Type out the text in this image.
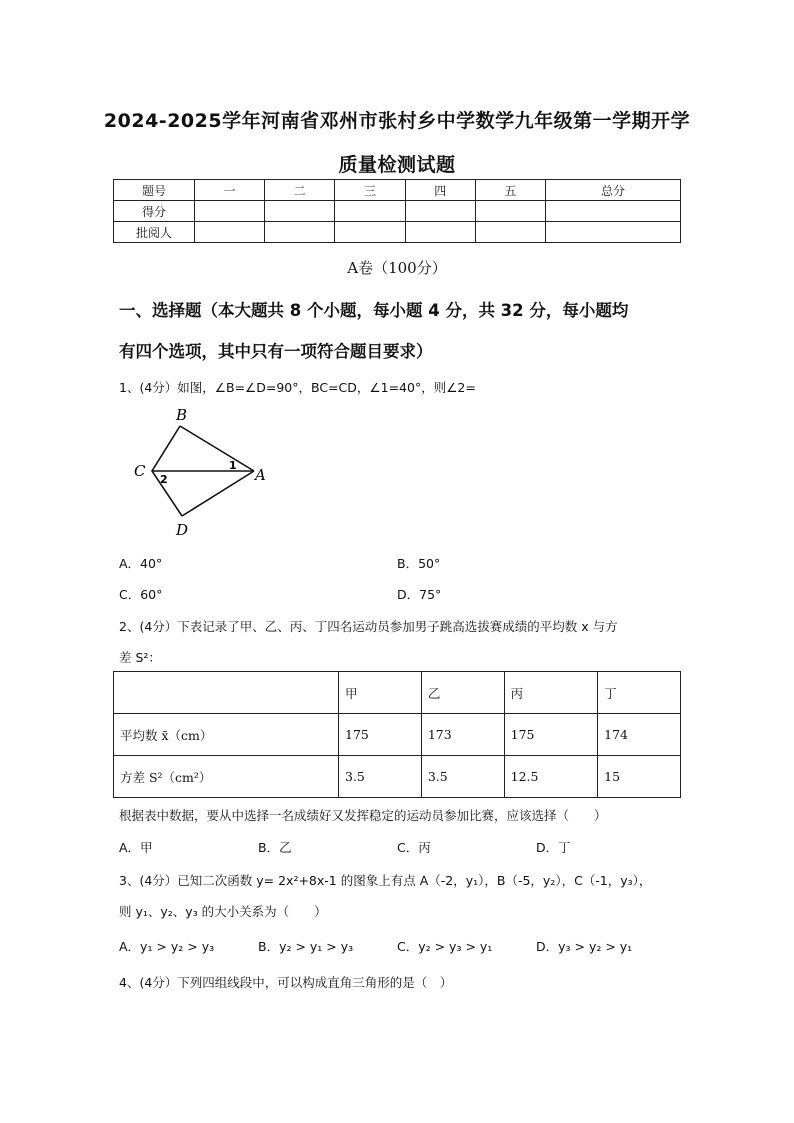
2024-2025学年河南省邓州市张村乡中学数学九年级第一学期开学
质量检测试题
题号	一	二	三	四	五	总分
得分						
批阅人						
A卷（100分）
一、选择题（本大题共 8 个小题，每小题 4 分，共 32 分，每小题均
有四个选项，其中只有一项符合题目要求）
1、(4分）如图，∠B=∠D=90°，BC=CD，∠1=40°，则∠2=
B
C	A
D
1
2
A．40°	B．50°
C．60°	D．75°
2、(4分）下表记录了甲、乙、丙、丁四名运动员参加男子跳高选拔赛成绩的平均数 x 与方
差 S²：
	甲	乙	丙	丁
平均数 x̄（cm）	175	173	175	174
方差 S²（cm²）	3.5	3.5	12.5	15
根据表中数据，要从中选择一名成绩好又发挥稳定的运动员参加比赛，应该选择（　　）
A．甲	B．乙	C．丙	D．丁
3、(4分）已知二次函数 y= 2x²+8x-1 的图象上有点 A（-2，y₁），B（-5，y₂），C（-1，y₃），
则 y₁、y₂、y₃ 的大小关系为（　　）
A．y₁ > y₂ > y₃	B．y₂ > y₁ > y₃	C．y₂ > y₃ > y₁	D．y₃ > y₂ > y₁
4、(4分）下列四组线段中，可以构成直角三角形的是（　）
